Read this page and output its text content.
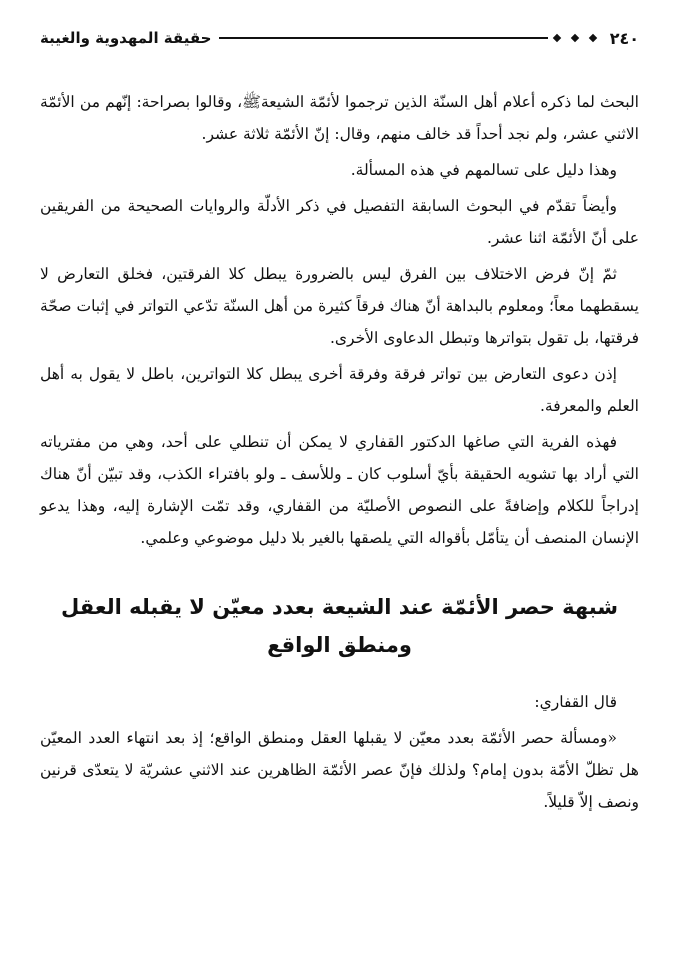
٢٤٠
حقيقة المهدوية والغيبة

البحث لما ذكره أعلام أهل السنّة الذين ترجموا لأئمّة الشيعةﷺ، وقالوا بصراحة: إنّهم من الأئمّة الاثني عشر، ولم نجد أحداً قد خالف منهم، وقال: إنّ الأئمّة ثلاثة عشر.

وهذا دليل على تسالمهم في هذه المسألة.

وأيضاً تقدّم في البحوث السابقة التفصيل في ذكر الأدلّة والروايات الصحيحة من الفريقين على أنّ الأئمّة اثنا عشر.

ثمّ إنّ فرض الاختلاف بين الفرق ليس بالضرورة يبطل كلا الفرقتين، فخلق التعارض لا يسقطهما معاً؛ ومعلوم بالبداهة أنّ هناك فرقاً كثيرة من أهل السنّة تدّعي التواتر في إثبات صحّة فرقتها، بل تقول بتواترها وتبطل الدعاوى الأخرى.

إذن دعوى التعارض بين تواتر فرقة وفرقة أخرى يبطل كلا التواترين، باطل لا يقول به أهل العلم والمعرفة.

فهذه الفرية التي صاغها الدكتور القفاري لا يمكن أن تنطلي على أحد، وهي من مفترياته التي أراد بها تشويه الحقيقة بأيّ أسلوب كان ـ وللأسف ـ ولو بافتراء الكذب، وقد تبيّن أنّ هناك إدراجاً للكلام وإضافةً على النصوص الأصليّة من القفاري، وقد تمّت الإشارة إليه، وهذا يدعو الإنسان المنصف أن يتأمّل بأقواله التي يلصقها بالغير بلا دليل موضوعي وعلمي.

شبهة حصر الأئمّة عند الشيعة بعدد معيّن لا يقبله العقل ومنطق الواقع

قال القفاري:

«ومسألة حصر الأئمّة بعدد معيّن لا يقبلها العقل ومنطق الواقع؛ إذ بعد انتهاء العدد المعيّن هل تظلّ الأمّة بدون إمام؟ ولذلك فإنّ عصر الأئمّة الظاهرين عند الاثني عشريّة لا يتعدّى قرنين ونصف إلاّ قليلاً.
